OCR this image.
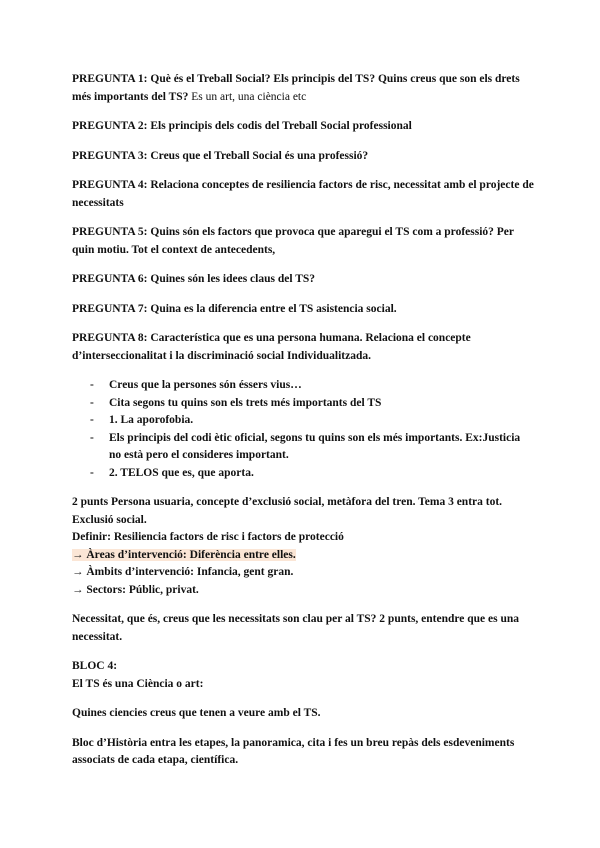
PREGUNTA 1: Què és el Treball Social? Els principis del TS? Quins creus que son els drets més importants del TS? Es un art, una ciència etc

PREGUNTA 2: Els principis dels codis del Treball Social professional

PREGUNTA 3: Creus que el Treball Social és una professió?

PREGUNTA 4: Relaciona conceptes de resiliencia factors de risc, necessitat amb el projecte de necessitats

PREGUNTA 5: Quins són els factors que provoca que aparegui el TS com a professió? Per quin motiu. Tot el context de antecedents,

PREGUNTA 6: Quines són les idees claus del TS?

PREGUNTA 7: Quina es la diferencia entre el TS asistencia social.

PREGUNTA 8: Característica que es una persona humana. Relaciona el concepte d’interseccionalitat i la discriminació social Individualitzada.

- Creus que la persones són éssers vius…
- Cita segons tu quins son els trets més importants del TS
- 1. La aporofobia.
- Els principis del codi ètic oficial, segons tu quins son els més importants. Ex:Justicia no està pero el consideres important.
- 2. TELOS que es, que aporta.

2 punts Persona usuaria, concepte d’exclusió social, metàfora del tren. Tema 3 entra tot. Exclusió social.

Definir: Resiliencia factors de risc i factors de protecció

→ Àreas d’intervenció: Diferència entre elles.

→ Àmbits d’intervenció: Infancia, gent gran.

→ Sectors: Públic, privat.

Necessitat, que és, creus que les necessitats son clau per al TS? 2 punts, entendre que es una necessitat.

BLOC 4:

El TS és una Ciència o art:

Quines ciencies creus que tenen a veure amb el TS.

Bloc d’Història entra les etapes, la panoramica, cita i fes un breu repàs dels esdeveniments associats de cada etapa, científica.
